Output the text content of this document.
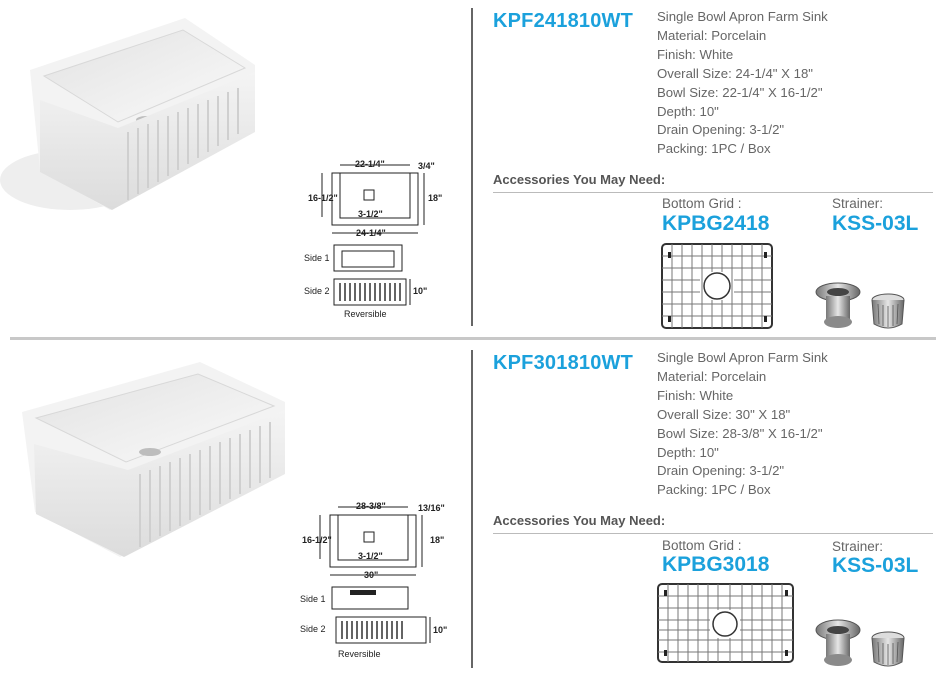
22-1/4"	3/4"
16-1/2"	18"
3-1/2"
24-1/4"
Side 1
Side 2	10"
Reversible
KPF241810WT Single Bowl Apron Farm Sink
Material: Porcelain
Finish: White
Overall Size: 24-1/4" X 18"
Bowl Size: 22-1/4" X 16-1/2"
Depth: 10"
Drain Opening: 3-1/2"
Packing: 1PC / Box
Accessories You May Need:
Bottom Grid :
KPBG2418
Strainer:
KSS-03L
28-3/8"	13/16"
16-1/2"	18"
3-1/2"
30"
Side 1
Side 2	10"
Reversible
KPF301810WT Single Bowl Apron Farm Sink
Material: Porcelain
Finish: White
Overall Size: 30" X 18"
Bowl Size: 28-3/8" X 16-1/2"
Depth: 10"
Drain Opening: 3-1/2"
Packing: 1PC / Box
Accessories You May Need:
Bottom Grid :
KPBG3018
Strainer:
KSS-03L
